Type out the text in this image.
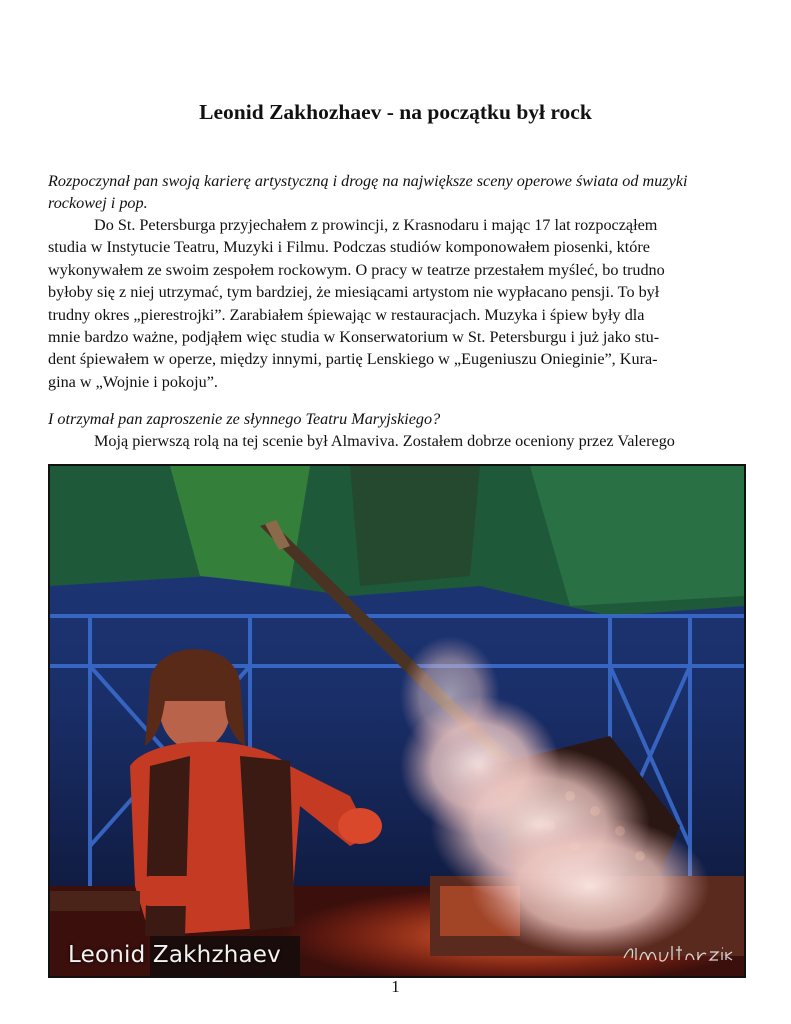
Leonid Zakhozhaev - na początku był rock

Rozpoczynał pan swoją karierę artystyczną i drogę na największe sceny operowe świata od muzyki rockowej i pop.

Do St. Petersburga przyjechałem z prowincji, z Krasnodaru i mając 17 lat rozpocząłem
studia w Instytucie Teatru, Muzyki i Filmu. Podczas studiów komponowałem piosenki, które
wykonywałem ze swoim zespołem rockowym. O pracy w teatrze przestałem myśleć, bo trudno
byłoby się z niej utrzymać, tym bardziej, że miesiącami artystom nie wypłacano pensji. To był
trudny okres „pierestrojki”. Zarabiałem śpiewając w restauracjach. Muzyka i śpiew były dla
mnie bardzo ważne, podjąłem więc studia w Konserwatorium w St. Petersburgu i już jako stu-
dent śpiewałem w operze, między innymi, partię Lenskiego w „Eugeniuszu Onieginie”, Kura-
gina w „Wojnie i pokoju”.

I otrzymał pan zaproszenie ze słynnego Teatru Maryjskiego?

Moją pierwszą rolą na tej scenie był Almaviva. Zostałem dobrze oceniony przez Valerego
Leonid Zakhzhaev
1
